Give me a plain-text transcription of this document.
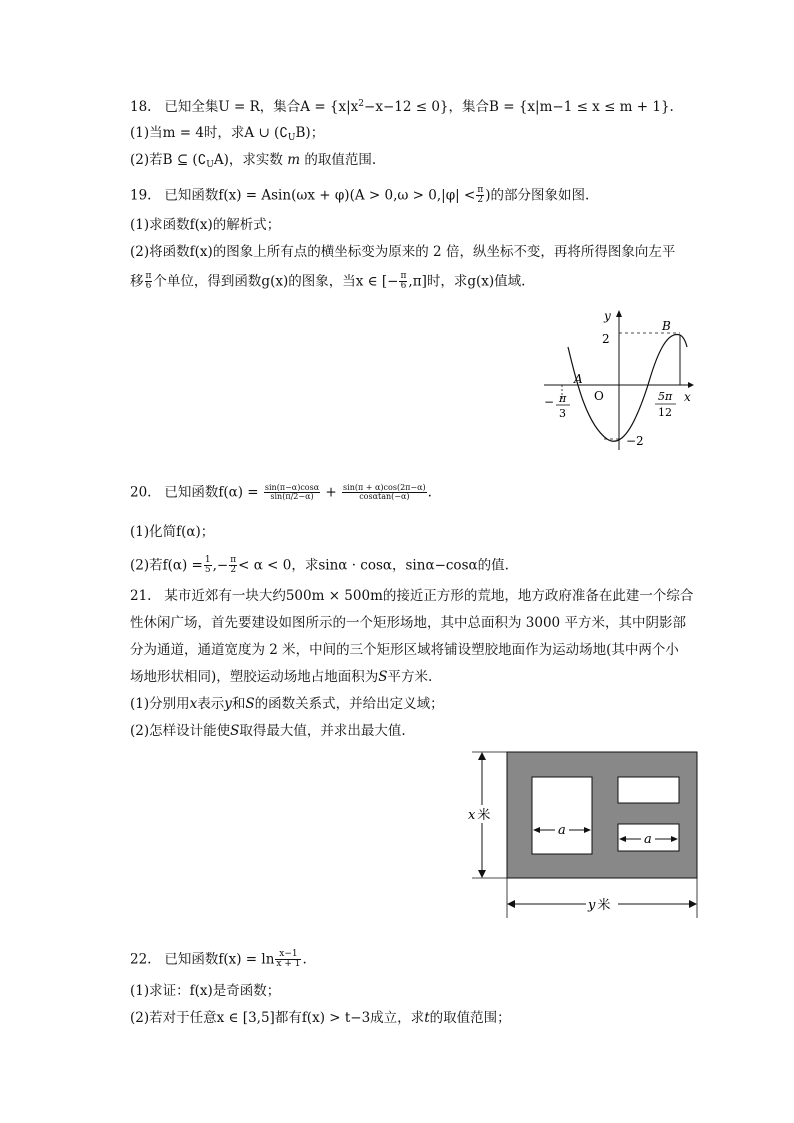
18.   已知全集U = R，集合$A = \{x|x^2-x-12 \le 0\}$，集合B = {x|m−1 ≤ x ≤ m + 1}.
(1)当m = 4时，求A ∪ $(∁_UB)$；
(2)若B ⊆ $(∁_UA)$，求实数 m 的取值范围.
19.   已知函数$f(x) = Asin(\omega x + \varphi)(A > 0,\omega > 0,|\varphi| < \frac{\pi}{2}$ )的部分图象如图.
(1)求函数f(x)的解析式；
(2)将函数f(x)的图象上所有点的横坐标变为原来的 2 倍，纵坐标不变，再将所得图象向左平
移 $\frac{\pi}{6}$ 个单位，得到函数g(x)的图象，当x ∈ [− $\frac{\pi}{6} ,\pi$]时，求g(x)值域.
y
x
O
A
B
2
−2
− π
3
5π
12
20.   已知函数$f(\alpha) = \frac{\sin(\pi-\alpha)\cos\alpha}{\sin(\pi/2-\alpha)} + \frac{\sin(\pi + \alpha)\cos(2\pi-\alpha)}{\cos\alpha\tan(-\alpha)}$ .
(1)化简f(α)；
(2)若$f(\alpha) = \frac{1}{5}$ ,− $\frac{\pi}{2} < \alpha < 0$，求sinα · cosα，sinα−cosα的值.
21.   某市近郊有一块大约500m × 500m的接近正方形的荒地，地方政府准备在此建一个综合
性休闲广场，首先要建设如图所示的一个矩形场地，其中总面积为 3000 平方米，其中阴影部
分为通道，通道宽度为 2 米，中间的三个矩形区域将铺设塑胶地面作为运动场地(其中两个小
场地形状相同)，塑胶运动场地占地面积为S平方米.
(1)分别用x表示y和S的函数关系式，并给出定义域；
(2)怎样设计能使S取得最大值，并求出最大值.
x 米
y 米
a
a
22.   已知函数$f(x) = \ln \frac{x-1}{x + 1}$ .
(1)求证：f(x)是奇函数；
(2)若对于任意x ∈ [3,5]都有f(x) > t−3成立，求t的取值范围；
